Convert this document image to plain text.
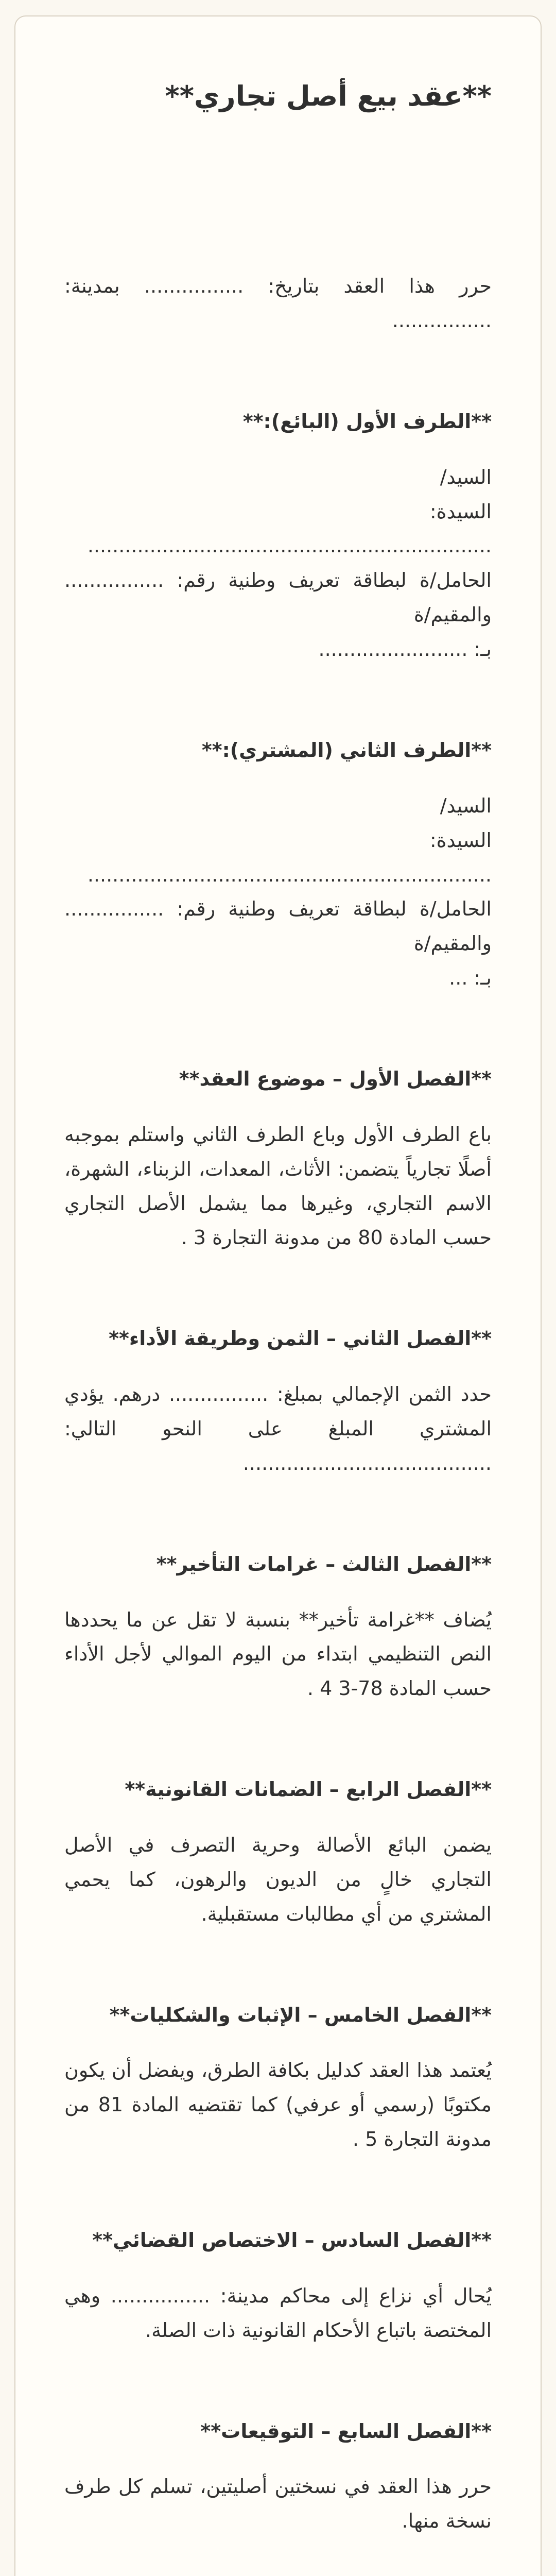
**عقد بيع أصل تجاري**

حرر هذا العقد بتاريخ: ................ بمدينة: ................

**الطرف الأول (البائع):**

السيد/

السيدة: .................................................................

الحامل/ة لبطاقة تعريف وطنية رقم: ................ والمقيم/ة

بـ: ........................

**الطرف الثاني (المشتري):**

السيد/

السيدة: .................................................................

الحامل/ة لبطاقة تعريف وطنية رقم: ................ والمقيم/ة

بـ: ...

**الفصل الأول – موضوع العقد**

باع الطرف الأول وباع الطرف الثاني واستلم بموجبه أصلًا تجارياً يتضمن: الأثاث، المعدات، الزبناء، الشهرة، الاسم التجاري، وغيرها مما يشمل الأصل التجاري حسب المادة 80 من مدونة التجارة 3 .

**الفصل الثاني – الثمن وطريقة الأداء**

حدد الثمن الإجمالي بمبلغ: ................ درهم. يؤدي المشتري المبلغ على النحو التالي: ........................................

**الفصل الثالث – غرامات التأخير**

يُضاف **غرامة تأخير** بنسبة لا تقل عن ما يحددها النص التنظيمي ابتداء من اليوم الموالي لأجل الأداء حسب المادة 78-3 4 .

**الفصل الرابع – الضمانات القانونية**

يضمن البائع الأصالة وحرية التصرف في الأصل التجاري خالٍ من الديون والرهون، كما يحمي المشتري من أي مطالبات مستقبلية.

**الفصل الخامس – الإثبات والشكليات**

يُعتمد هذا العقد كدليل بكافة الطرق، ويفضل أن يكون مكتوبًا (رسمي أو عرفي) كما تقتضيه المادة 81 من مدونة التجارة 5 .

**الفصل السادس – الاختصاص القضائي**

يُحال أي نزاع إلى محاكم مدينة: ................ وهي المختصة باتباع الأحكام القانونية ذات الصلة.

**الفصل السابع – التوقيعات**

حرر هذا العقد في نسختين أصليتين، تسلم كل طرف نسخة منها.
